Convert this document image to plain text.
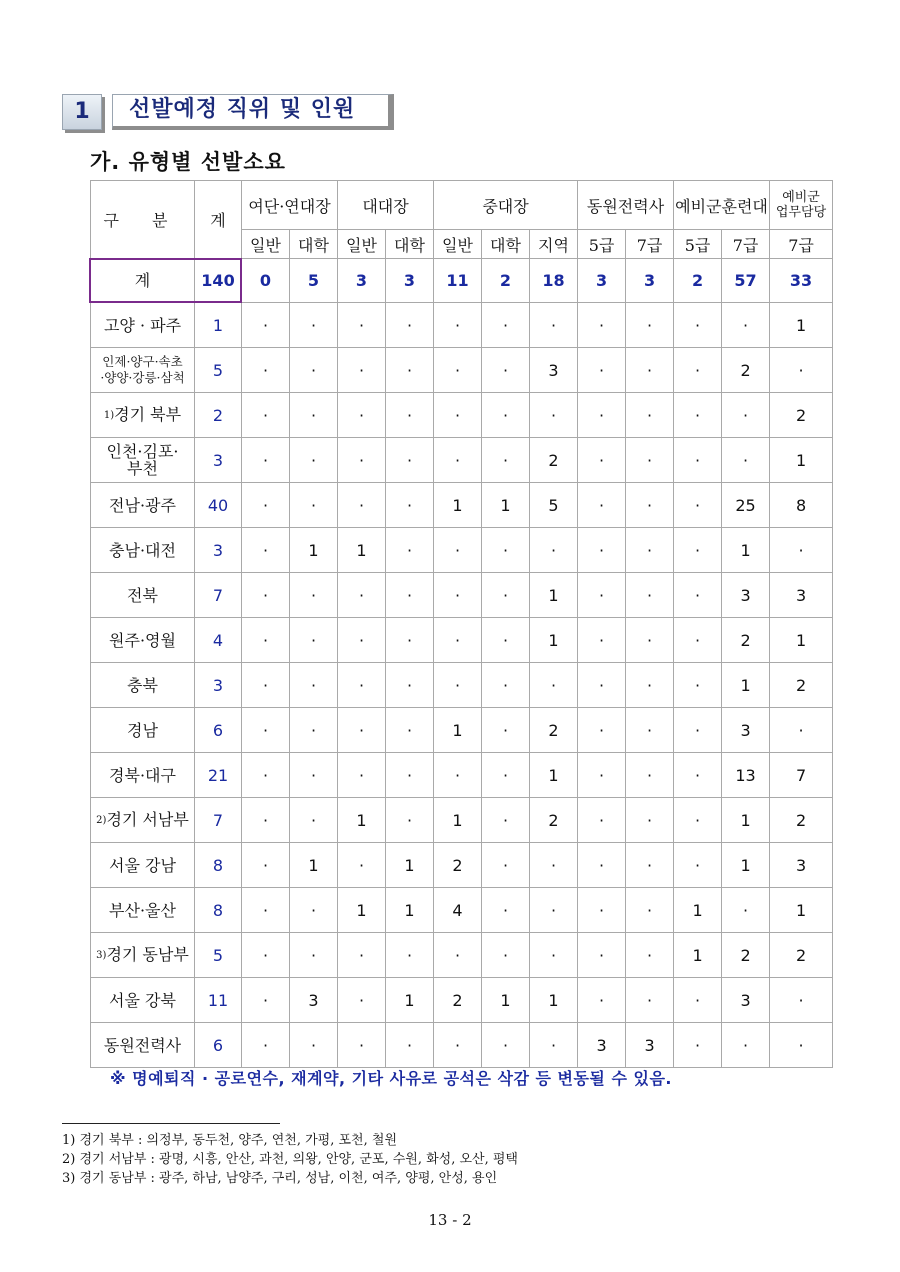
1	선발예정 직위 및 인원
가. 유형별 선발소요
구 분	계	여단·연대장		대대장		중대장			동원전력사		예비군훈련대		예비군
업무담당
		일반	대학	일반	대학	일반	대학	지역	5급	7급	5급	7급	7급
계	140	0	5	3	3	11	2	18	3	3	2	57	33
고양 · 파주	1	·	·	·	·	·	·	·	·	·	·	·	1
인제·양구·속초
·양양·강릉·삼척	5	·	·	·	·	·	·	3	·	·	·	2	·
$^{1)}$경기 북부	2	·	·	·	·	·	·	·	·	·	·	·	2
인천·김포·
부천	3	·	·	·	·	·	·	2	·	·	·	·	1
전남·광주	40	·	·	·	·	1	1	5	·	·	·	25	8
충남·대전	3	·	1	1	·	·	·	·	·	·	·	1	·
전북	7	·	·	·	·	·	·	1	·	·	·	3	3
원주·영월	4	·	·	·	·	·	·	1	·	·	·	2	1
충북	3	·	·	·	·	·	·	·	·	·	·	1	2
경남	6	·	·	·	·	1	·	2	·	·	·	3	·
경북·대구	21	·	·	·	·	·	·	1	·	·	·	13	7
$^{2)}$경기 서남부	7	·	·	1	·	1	·	2	·	·	·	1	2
서울 강남	8	·	1	·	1	2	·	·	·	·	·	1	3
부산·울산	8	·	·	1	1	4	·	·	·	·	1	·	1
$^{3)}$경기 동남부	5	·	·	·	·	·	·	·	·	·	1	2	2
서울 강북	11	·	3	·	1	2	1	1	·	·	·	3	·
동원전력사	6	·	·	·	·	·	·	·	3	3	·	·	·
※ 명예퇴직 · 공로연수, 재계약, 기타 사유로 공석은 삭감 등 변동될 수 있음.
1) 경기 북부 : 의정부, 동두천, 양주, 연천, 가평, 포천, 철원
2) 경기 서남부 : 광명, 시흥, 안산, 과천, 의왕, 안양, 군포, 수원, 화성, 오산, 평택
3) 경기 동남부 : 광주, 하남, 남양주, 구리, 성남, 이천, 여주, 양평, 안성, 용인
13 - 2
